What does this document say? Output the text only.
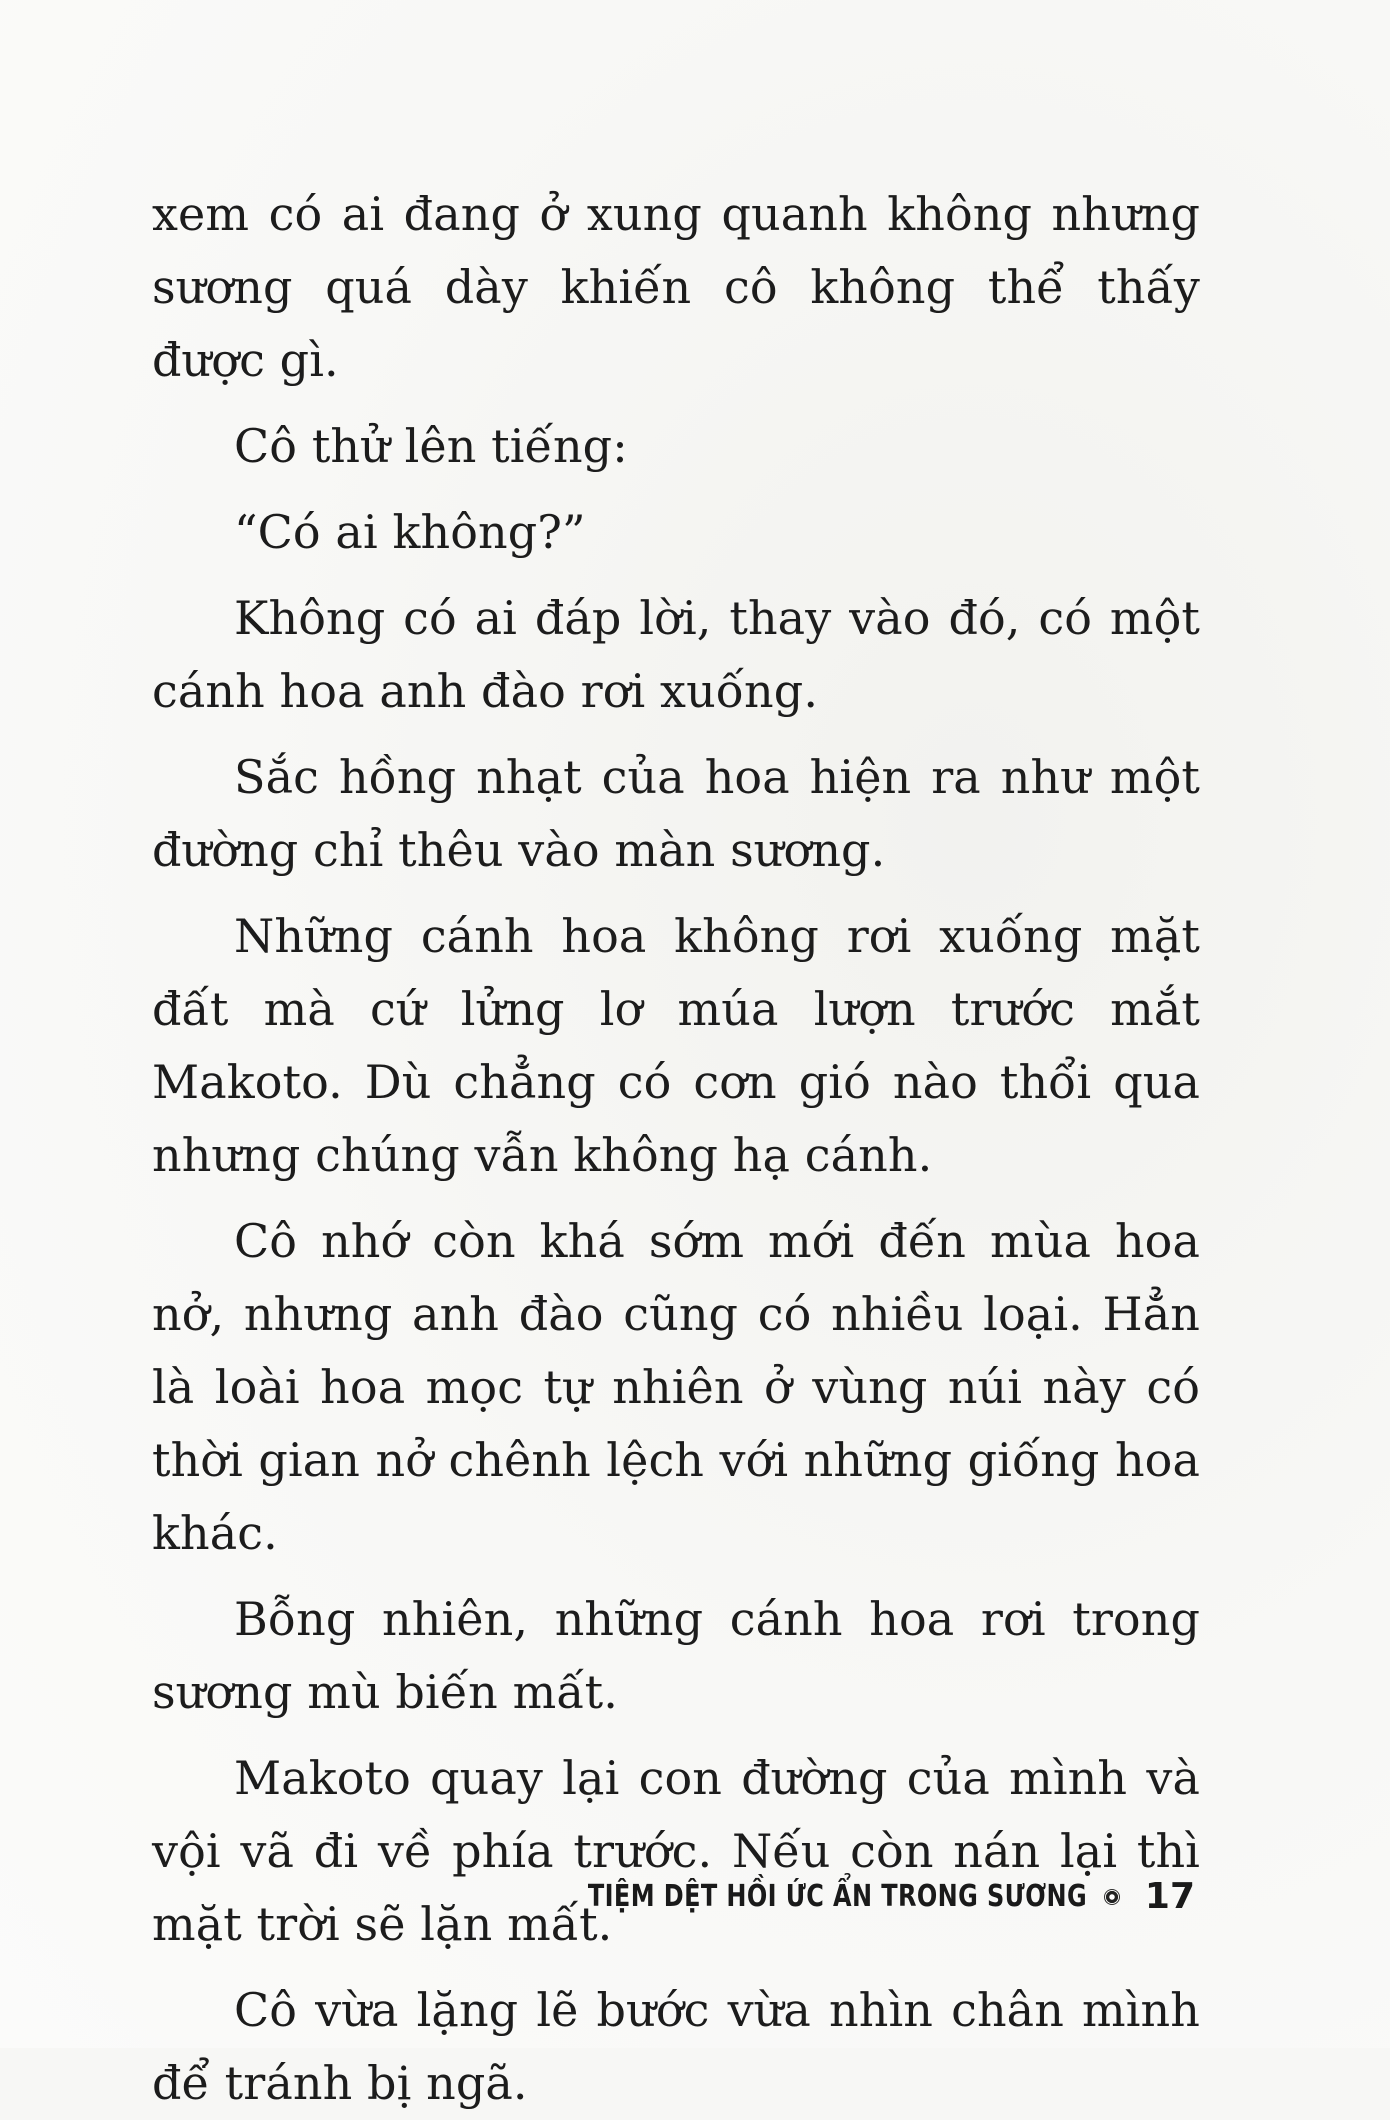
xem có ai đang ở xung quanh không nhưng sương quá dày khiến cô không thể thấy được gì.

Cô thử lên tiếng:

“Có ai không?”

Không có ai đáp lời, thay vào đó, có một cánh hoa anh đào rơi xuống.

Sắc hồng nhạt của hoa hiện ra như một đường chỉ thêu vào màn sương.

Những cánh hoa không rơi xuống mặt đất mà cứ lửng lơ múa lượn trước mắt Makoto. Dù chẳng có cơn gió nào thổi qua nhưng chúng vẫn không hạ cánh.

Cô nhớ còn khá sớm mới đến mùa hoa nở, nhưng anh đào cũng có nhiều loại. Hẳn là loài hoa mọc tự nhiên ở vùng núi này có thời gian nở chênh lệch với những giống hoa khác.

Bỗng nhiên, những cánh hoa rơi trong sương mù biến mất.

Makoto quay lại con đường của mình và vội vã đi về phía trước. Nếu còn nán lại thì mặt trời sẽ lặn mất.

Cô vừa lặng lẽ bước vừa nhìn chân mình để tránh bị ngã.

TIỆM DỆT HỒI ỨC ẨN TRONG SƯƠNG 17
